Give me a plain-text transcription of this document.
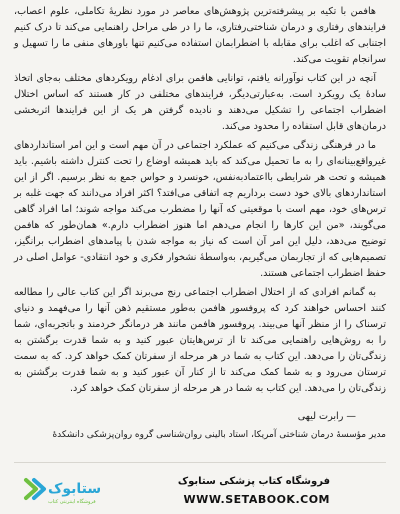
هافمن با تکیه بر پیشرفته‌ترین پژوهش‌های معاصر در مورد نظریهٔ تکاملی، علوم اعصاب، فرایندهای رفتاری و درمان شناختی‌رفتاری، ما را در طی مراحل راهنمایی می‌کند تا درک کنیم اجتنابی که اغلب برای مقابله با اضطرابمان استفاده می‌کنیم تنها باورهای منفی ما را تسهیل و سرانجام تقویت می‌کند.

آنچه در این کتاب نوآورانه یافتم، توانایی هافمن برای ادغام رویکردهای مختلف به‌جای اتخاذ سادهٔ یک رویکرد است. به‌عبارتی‌دیگر، فرایندهای مختلفی در کار هستند که اساس اختلال اضطراب اجتماعی را تشکیل می‌دهند و نادیده گرفتن هر یک از این فرایندها اثربخشی درمان‌های قابل استفاده را محدود می‌کند.

ما در فرهنگی زندگی می‌کنیم که عملکرد اجتماعی در آن مهم است و این امر استانداردهای غیرواقع‌بینانه‌ای را به ما تحمیل می‌کند که باید همیشه اوضاع را تحت کنترل داشته باشیم. باید همیشه و تحت هر شرایطی بااعتمادبه‌نفس، خونسرد و حواس جمع به نظر برسیم. اگر از این استانداردهای بالای خود دست برداریم چه اتفاقی می‌افتد؟ اکثر افراد می‌دانند که جهت غلبه بر ترس‌های خود، مهم است با موقعیتی که آنها را مضطرب می‌کند مواجه شوند؛ اما افراد گاهی می‌گویند، «من این کارها را انجام می‌دهم اما هنوز اضطراب دارم.» همان‌طور که هافمن توضیح می‌دهد، دلیل این امر آن است که نیاز به مواجه شدن با پیامدهای اضطراب برانگیز، تصمیم‌هایی که از تجاربمان می‌گیریم، به‌واسطهٔ نشخوار فکری و خود انتقادی- عوامل اصلی در حفظ اضطراب اجتماعی هستند.

به گمانم افرادی که از اختلال اضطراب اجتماعی رنج می‌برند اگر این کتاب عالی را مطالعه کنند احساس خواهند کرد که پروفسور هافمن به‌طور مستقیم ذهن آنها را می‌فهمد و دنیای ترسناک را از منظر آنها می‌بیند. پروفسور هافمن مانند هر درمانگر خردمند و باتجربه‌ای، شما را به روش‌هایی راهنمایی می‌کند تا از ترس‌هایتان عبور کنید و به شما قدرت برگشتن به زندگی‌تان را می‌دهد. این کتاب به شما در هر مرحله از سفرتان کمک خواهد کرد. که به سمت ترستان می‌رود و به شما کمک می‌کند تا از کنار آن عبور کنید و به شما قدرت برگشتن به زندگی‌تان را می‌دهد. این کتاب به شما در هر مرحله از سفرتان کمک خواهد کرد.

— رابرت لیهی
مدیر مؤسسهٔ درمان شناختی آمریکا، استاد بالینی روان‌شناسی گروه روان‌پزشکی دانشکدهٔ
ستابوک
فروشگاه اینترنتی کتاب
فروشگاه کتاب پزشکی ستابوک
WWW.SETABOOK.COM
